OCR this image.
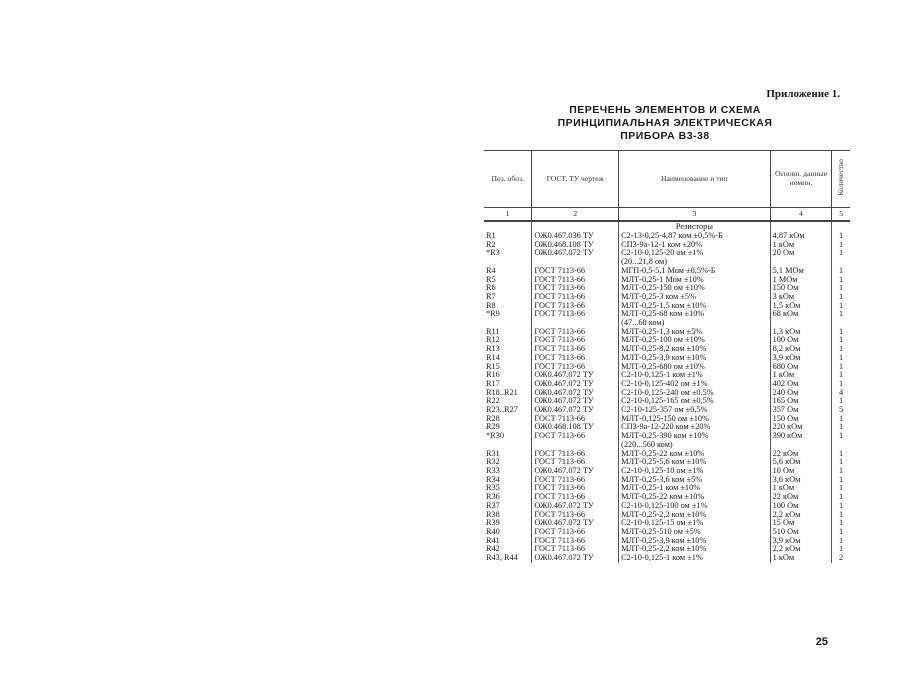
Приложение 1.
ПЕРЕЧЕНЬ ЭЛЕМЕНТОВ И СХЕМА
ПРИНЦИПИАЛЬНАЯ ЭЛЕКТРИЧЕСКАЯ
ПРИБОРА В3-38
Поз. обоз.	ГОСТ, ТУ чертеж	Наименование и тип	Основн. данные номин.	Количество
1	2	3	4	5
		Резисторы		
R1	ОЖ0.467.036 ТУ	С2-13-0,25-4,87 ком ±0,5%-Б	4,87 кОм	1
R2	ОЖ0.468.108 ТУ	СП3-9а-12-1 ком ±20%	1 кОм	1
*R3	ОЖ0.467.072 ТУ	С2-10-0,125-20 ом ±1%	20 Ом	1
		(20...21,8 ом)		
R4	ГОСТ 7113-66	МГП-0,5-5,1 Мом ±0,5%-Б	5,1 МОм	1
R5	ГОСТ 7113-66	МЛТ-0,25-1 Мом ±10%	1 МОм	1
R6	ГОСТ 7113-66	МЛТ-0,25-150 ом ±10%	150 Ом	1
R7	ГОСТ 7113-66	МЛТ-0,25-3 ком ±5%	3 кОм	1
R8	ГОСТ 7113-66	МЛТ-0,25-1,5 ком ±10%	1,5 кОм	1
*R9	ГОСТ 7113-66	МЛТ-0,25-68 ком ±10%	68 кОм	1
		(47...68 ком)		
R11	ГОСТ 7113-66	МЛТ-0,25-1,3 ком ±5%	1,3 кОм	1
R12	ГОСТ 7113-66	МЛТ-0,25-100 ом ±10%	100 Ом	1
R13	ГОСТ 7113-66	МЛТ-0,25-8,2 ком ±10%	8,2 кОм	1
R14	ГОСТ 7113-66	МЛТ-0,25-3,9 ком ±10%	3,9 кОм	1
R15	ГОСТ 7113-66	МЛТ-0,25-680 ом ±10%	680 Ом	1
R16	ОЖ0.467.072 ТУ	С2-10-0,125-1 ком ±1%	1 кОм	1
R17	ОЖ0.467.072 ТУ	С2-10-0,125-402 ом ±1%	402 Ом	1
R18..R21	ОЖ0.467.072 ТУ	С2-10-0,125-240 ом ±0,5%	240 Ом	4
R22	ОЖ0.467.072 ТУ	С2-10-0,125-165 ом ±0,5%	165 Ом	1
R23..R27	ОЖ0.467.072 ТУ	С2-10-125-357 ом ±0,5%	357 Ом	5
R28	ГОСТ 7113-66	МЛТ-0,125-150 ом ±10%	150 Ом	1
R29	ОЖ0.468.108 ТУ	СП3-9а-12-220 ком ±20%	220 кОм	1
*R30	ГОСТ 7113-66	МЛТ-0,25-390 ком ±10%	390 кОм	1
		(220...560 ком)		
R31	ГОСТ 7113-66	МЛТ-0,25-22 ком ±10%	22 кОм	1
R32	ГОСТ 7113-66	МЛТ-0,25-5,6 ком ±10%	5,6 кОм	1
R33	ОЖ0.467.072 ТУ	С2-10-0,125-10 ом ±1%	10 Ом	1
R34	ГОСТ 7113-66	МЛТ-0,25-3,6 ком ±5%	3,6 кОм	1
R35	ГОСТ 7113-66	МЛТ-0,25-1 ком ±10%	1 кОм	1
R36	ГОСТ 7113-66	МЛТ-0,25-22 ком ±10%	22 кОм	1
R37	ОЖ0.467.072 ТУ	С2-10-0,125-100 ом ±1%	100 Ом	1
R38	ГОСТ 7113-66	МЛТ-0,25-2,2 ком ±10%	2,2 кОм	1
R39	ОЖ0.467.072 ТУ	С2-10-0,125-15 ом ±1%	15 Ом	1
R40	ГОСТ 7113-66	МЛТ-0,25-510 ом ±5%	510 Ом	1
R41	ГОСТ 7113-66	МЛТ-0,25-3,9 ком ±10%	3,9 кОм	1
R42	ГОСТ 7113-66	МЛТ-0,25-2,2 ком ±10%	2,2 кОм	1
R43, R44	ОЖ0.467.072 ТУ	С2-10-0,125-1 ком ±1%	1 кОм	2
25
